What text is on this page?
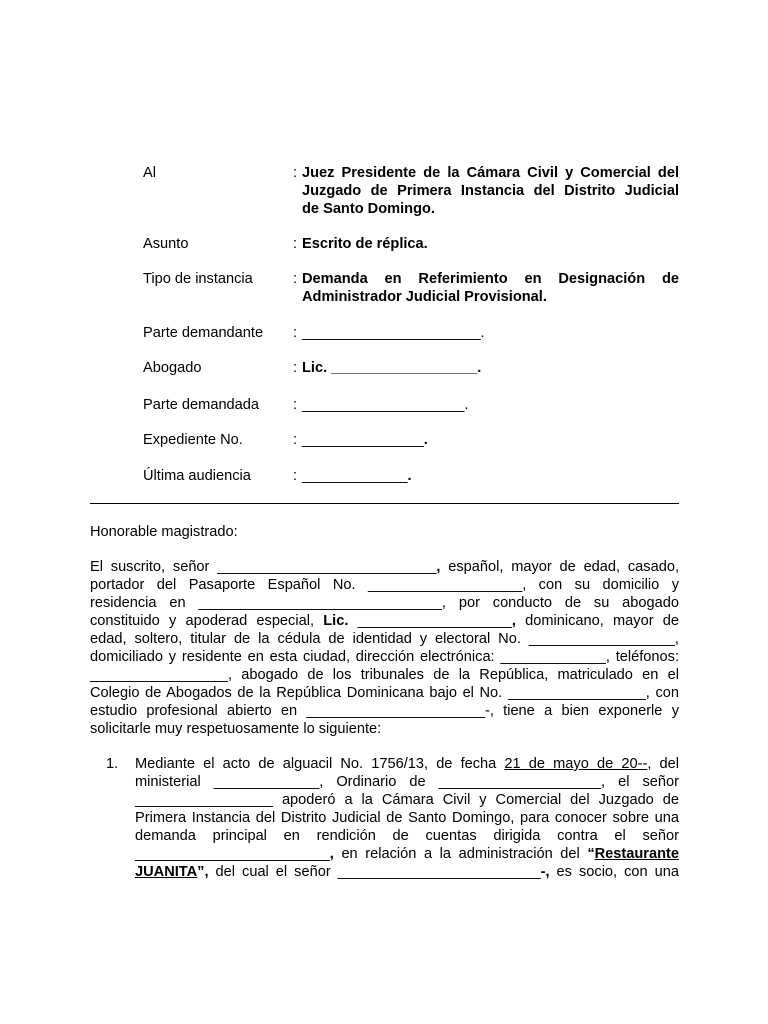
Al	: Juez Presidente de la Cámara Civil y Comercial del
Juzgado de Primera Instancia del Distrito Judicial
de Santo Domingo.
Asunto	: Escrito de réplica.
Tipo de instancia	: Demanda en Referimiento en Designación de
Administrador Judicial Provisional.
Parte demandante : ______________________.
Abogado	: Lic. __________________.
Parte demandada : ____________________.
Expediente No.	: _______________.
Última audiencia	: _____________.
Honorable magistrado:
El suscrito, señor ___________________________, español, mayor de edad, casado,
portador del Pasaporte Español No. ___________________, con su domicilio y
residencia en ______________________________, por conducto de su abogado
constituido y apoderad especial, Lic. ___________________, dominicano, mayor de
edad, soltero, titular de la cédula de identidad y electoral No. __________________,
domiciliado y residente en esta ciudad, dirección electrónica: _____________, teléfonos:
_________________, abogado de los tribunales de la República, matriculado en el
Colegio de Abogados de la República Dominicana bajo el No. _________________, con
estudio profesional abierto en ______________________-, tiene a bien exponerle y
solicitarle muy respetuosamente lo siguiente:
1. Mediante el acto de alguacil No. 1756/13, de fecha 21 de mayo de 20--, del
ministerial _____________, Ordinario de ____________________, el señor
_________________ apoderó a la Cámara Civil y Comercial del Juzgado de
Primera Instancia del Distrito Judicial de Santo Domingo, para conocer sobre una
demanda principal en rendición de cuentas dirigida contra el señor
________________________, en relación a la administración del “Restaurante
JUANITA”, del cual el señor _________________________-, es socio, con una
